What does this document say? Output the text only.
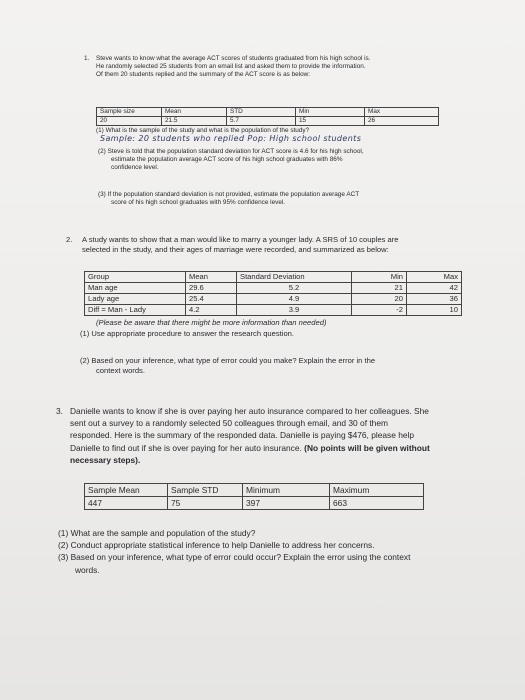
1. Steve wants to know what the average ACT scores of students graduated from his high school is.
He randomly selected 25 students from an email list and asked them to provide the information.
Of them 20 students replied and the summary of the ACT score is as below:
Sample size	Mean	STD	Min	Max
20	21.5	5.7	15	26
(1) What is the sample of the study and what is the population of the study?
Sample: 20 students who replied Pop: High school students
(2) Steve is told that the population standard deviation for ACT score is 4.6 for his high school,
estimate the population average ACT score of his high school graduates with 86%
confidence level.
(3) If the population standard deviation is not provided, estimate the population average ACT
score of his high school graduates with 95% confidence level.
2. A study wants to show that a man would like to marry a younger lady. A SRS of 10 couples are
selected in the study, and their ages of marriage were recorded, and summarized as below:
Group	Mean	Standard Deviation	Min	Max
Man age	29.6	5.2	21	42
Lady age	25.4	4.9	20	36
Diff = Man - Lady	4.2	3.9	-2	10
(Please be aware that there might be more information than needed)
(1) Use appropriate procedure to answer the research question.
(2) Based on your inference, what type of error could you make? Explain the error in the
context words.
3. Danielle wants to know if she is over paying her auto insurance compared to her colleagues. She
sent out a survey to a randomly selected 50 colleagues through email, and 30 of them
responded. Here is the summary of the responded data. Danielle is paying $476, please help
Danielle to find out if she is over paying for her auto insurance. (No points will be given without
necessary steps).
Sample Mean	Sample STD	Minimum	Maximum
447	75	397	663
(1) What are the sample and population of the study?
(2) Conduct appropriate statistical inference to help Danielle to address her concerns.
(3) Based on your inference, what type of error could occur? Explain the error using the context
words.
